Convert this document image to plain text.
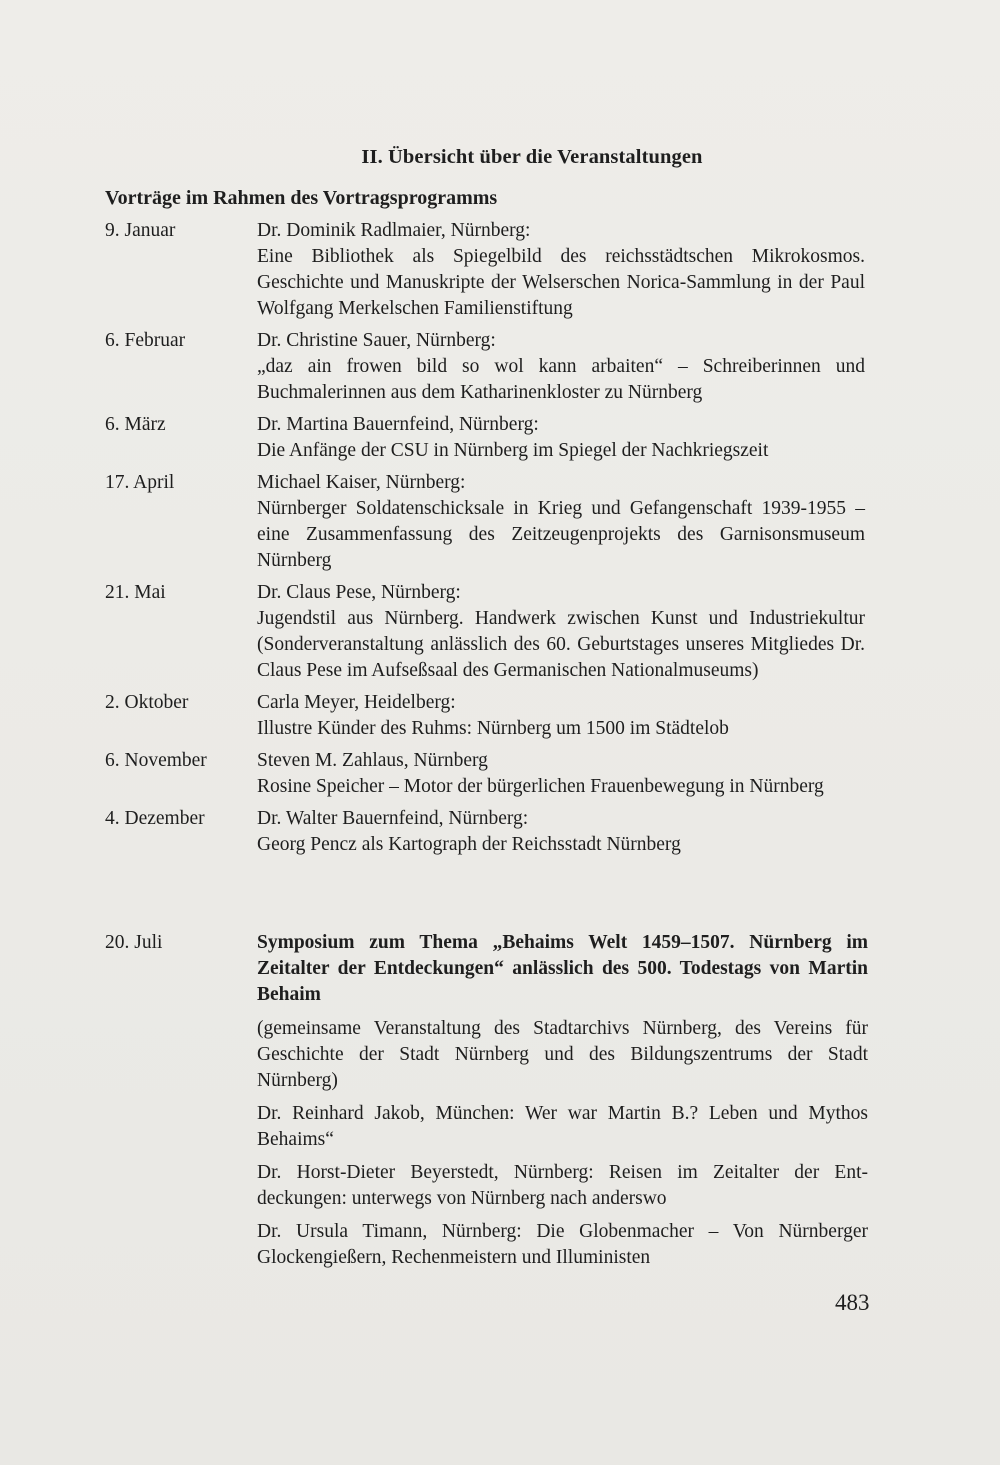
II. Übersicht über die Veranstaltungen
Vorträge im Rahmen des Vortragsprogramms
9. Januar	Dr. Dominik Radlmaier, Nürnberg:
Eine Bibliothek als Spiegelbild des reichsstädtschen Mikrokosmos. Geschichte und Manuskripte der Welserschen Norica-Sammlung in der Paul Wolfgang Merkelschen Familienstiftung
6. Februar	Dr. Christine Sauer, Nürnberg:
„daz ain frowen bild so wol kann arbaiten“ – Schreiberinnen und Buchmalerinnen aus dem Katharinenkloster zu Nürnberg
6. März	Dr. Martina Bauernfeind, Nürnberg:
Die Anfänge der CSU in Nürnberg im Spiegel der Nachkriegszeit
17. April	Michael Kaiser, Nürnberg:
Nürnberger Soldatenschicksale in Krieg und Gefangenschaft 1939-1955 – eine Zusammenfassung des Zeitzeugenprojekts des Garnisonsmuseum Nürnberg
21. Mai	Dr. Claus Pese, Nürnberg:
Jugendstil aus Nürnberg. Handwerk zwischen Kunst und Industriekultur (Sonderveranstaltung anlässlich des 60. Geburtstages unseres Mitgliedes Dr. Claus Pese im Aufseßsaal des Germanischen Nationalmuseums)
2. Oktober	Carla Meyer, Heidelberg:
Illustre Künder des Ruhms: Nürnberg um 1500 im Städtelob
6. November	Steven M. Zahlaus, Nürnberg
Rosine Speicher – Motor der bürgerlichen Frauenbewegung in Nürnberg
4. Dezember	Dr. Walter Bauernfeind, Nürnberg:
Georg Pencz als Kartograph der Reichsstadt Nürnberg
20. Juli	Symposium zum Thema „Behaims Welt 1459–1507. Nürnberg im Zeitalter der Entdeckungen“ anlässlich des 500. Todestags von Martin Behaim

(gemeinsame Veranstaltung des Stadtarchivs Nürnberg, des Vereins für Geschichte der Stadt Nürnberg und des Bildungszentrums der Stadt Nürnberg)

Dr. Reinhard Jakob, München: Wer war Martin B.? Leben und Mythos Behaims“

Dr. Horst-Dieter Beyerstedt, Nürnberg: Reisen im Zeitalter der Entdeckungen: unterwegs von Nürnberg nach anderswo

Dr. Ursula Timann, Nürnberg: Die Globenmacher – Von Nürnberger Glockengießern, Rechenmeistern und Illuministen

483
